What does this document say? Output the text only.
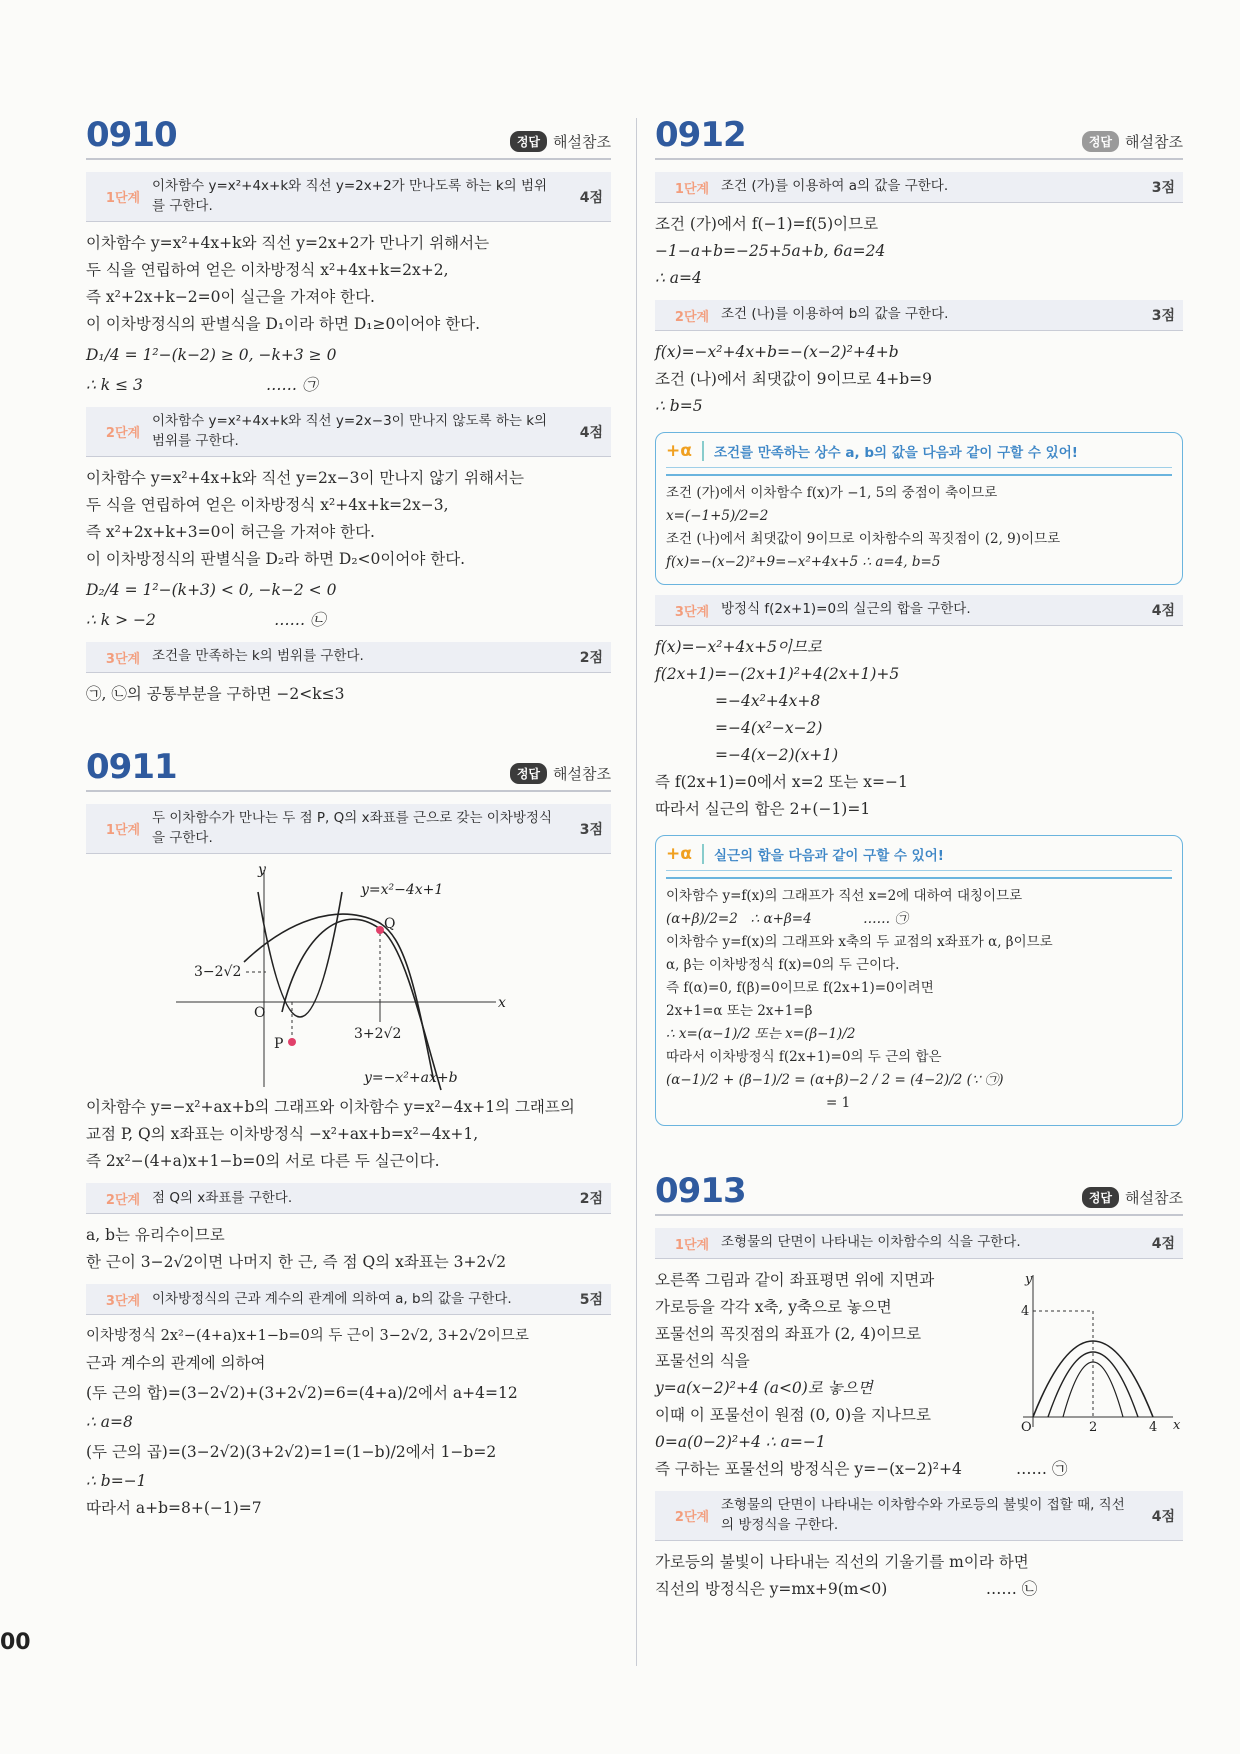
0910	정답 해설참조
1단계
이차함수 y=x²+4x+k와 직선 y=2x+2가 만나도록 하는 k의 범위를 구한다.	4점
이차함수 y=x²+4x+k와 직선 y=2x+2가 만나기 위해서는
두 식을 연립하여 얻은 이차방정식 x²+4x+k=2x+2,
즉 x²+2x+k−2=0이 실근을 가져야 한다.
이 이차방정식의 판별식을 D₁이라 하면 D₁≥0이어야 한다.
D₁/4 = 1²−(k−2) ≥ 0, −k+3 ≥ 0
∴ k ≤ 3                         …… ㉠
2단계
이차함수 y=x²+4x+k와 직선 y=2x−3이 만나지 않도록 하는 k의 범위를 구한다.	4점
이차함수 y=x²+4x+k와 직선 y=2x−3이 만나지 않기 위해서는
두 식을 연립하여 얻은 이차방정식 x²+4x+k=2x−3,
즉 x²+2x+k+3=0이 허근을 가져야 한다.
이 이차방정식의 판별식을 D₂라 하면 D₂<0이어야 한다.
D₂/4 = 1²−(k+3) < 0, −k−2 < 0
∴ k > −2                        …… ㉡
3단계 조건을 만족하는 k의 범위를 구한다.	2점
㉠, ㉡의 공통부분을 구하면 −2<k≤3
0911	정답 해설참조
1단계
두 이차함수가 만나는 두 점 P, Q의 x좌표를 근으로 갖는 이차방정식을 구한다.	3점
y
x
O
P
Q
3−2√2
3+2√2
y=x²−4x+1
y=−x²+ax+b
이차함수 y=−x²+ax+b의 그래프와 이차함수 y=x²−4x+1의 그래프의
교점 P, Q의 x좌표는 이차방정식 −x²+ax+b=x²−4x+1,
즉 2x²−(4+a)x+1−b=0의 서로 다른 두 실근이다.
2단계 점 Q의 x좌표를 구한다.	2점
a, b는 유리수이므로
한 근이 3−2√2이면 나머지 한 근, 즉 점 Q의 x좌표는 3+2√2
3단계 이차방정식의 근과 계수의 관계에 의하여 a, b의 값을 구한다.	5점
이차방정식 2x²−(4+a)x+1−b=0의 두 근이 3−2√2, 3+2√2이므로
근과 계수의 관계에 의하여
(두 근의 합)=(3−2√2)+(3+2√2)=6=(4+a)/2에서 a+4=12
∴ a=8
(두 근의 곱)=(3−2√2)(3+2√2)=1=(1−b)/2에서 1−b=2
∴ b=−1
따라서 a+b=8+(−1)=7
0912	정답 해설참조
1단계 조건 (가)를 이용하여 a의 값을 구한다.	3점
조건 (가)에서 f(−1)=f(5)이므로
−1−a+b=−25+5a+b, 6a=24
∴ a=4
2단계 조건 (나)를 이용하여 b의 값을 구한다.	3점
f(x)=−x²+4x+b=−(x−2)²+4+b
조건 (나)에서 최댓값이 9이므로 4+b=9
∴ b=5
+α	조건를 만족하는 상수 a, b의 값을 다음과 같이 구할 수 있어!
조건 (가)에서 이차함수 f(x)가 −1, 5의 중점이 축이므로
x=(−1+5)/2=2
조건 (나)에서 최댓값이 9이므로 이차함수의 꼭짓점이 (2, 9)이므로
f(x)=−(x−2)²+9=−x²+4x+5 ∴ a=4, b=5
3단계 방정식 f(2x+1)=0의 실근의 합을 구한다.	4점
f(x)=−x²+4x+5이므로
f(2x+1)=−(2x+1)²+4(2x+1)+5
=−4x²+4x+8
=−4(x²−x−2)
=−4(x−2)(x+1)
즉 f(2x+1)=0에서 x=2 또는 x=−1
따라서 실근의 합은 2+(−1)=1
+α	실근의 합을 다음과 같이 구할 수 있어!
이차함수 y=f(x)의 그래프가 직선 x=2에 대하여 대칭이므로
(α+β)/2=2   ∴ α+β=4            …… ㉠
이차함수 y=f(x)의 그래프와 x축의 두 교점의 x좌표가 α, β이므로
α, β는 이차방정식 f(x)=0의 두 근이다.
즉 f(α)=0, f(β)=0이므로 f(2x+1)=0이려면
2x+1=α 또는 2x+1=β
∴ x=(α−1)/2 또는 x=(β−1)/2
따라서 이차방정식 f(2x+1)=0의 두 근의 합은
(α−1)/2 + (β−1)/2 = (α+β)−2 / 2 = (4−2)/2 (∵ ㉠)
= 1
0913	정답 해설참조
1단계 조형물의 단면이 나타내는 이차함수의 식을 구한다.	4점
y
x
O	2	4
4
오른쪽 그림과 같이 좌표평면 위에 지면과
가로등을 각각 x축, y축으로 놓으면
포물선의 꼭짓점의 좌표가 (2, 4)이므로
포물선의 식을
y=a(x−2)²+4 (a<0)로 놓으면
이때 이 포물선이 원점 (0, 0)을 지나므로
0=a(0−2)²+4 ∴ a=−1
즉 구하는 포물선의 방정식은 y=−(x−2)²+4           …… ㉠
2단계
조형물의 단면이 나타내는 이차함수와 가로등의 불빛이 접할 때, 직선의 방정식을 구한다.	4점
가로등의 불빛이 나타내는 직선의 기울기를 m이라 하면
직선의 방정식은 y=mx+9(m<0)                    …… ㉡
00
